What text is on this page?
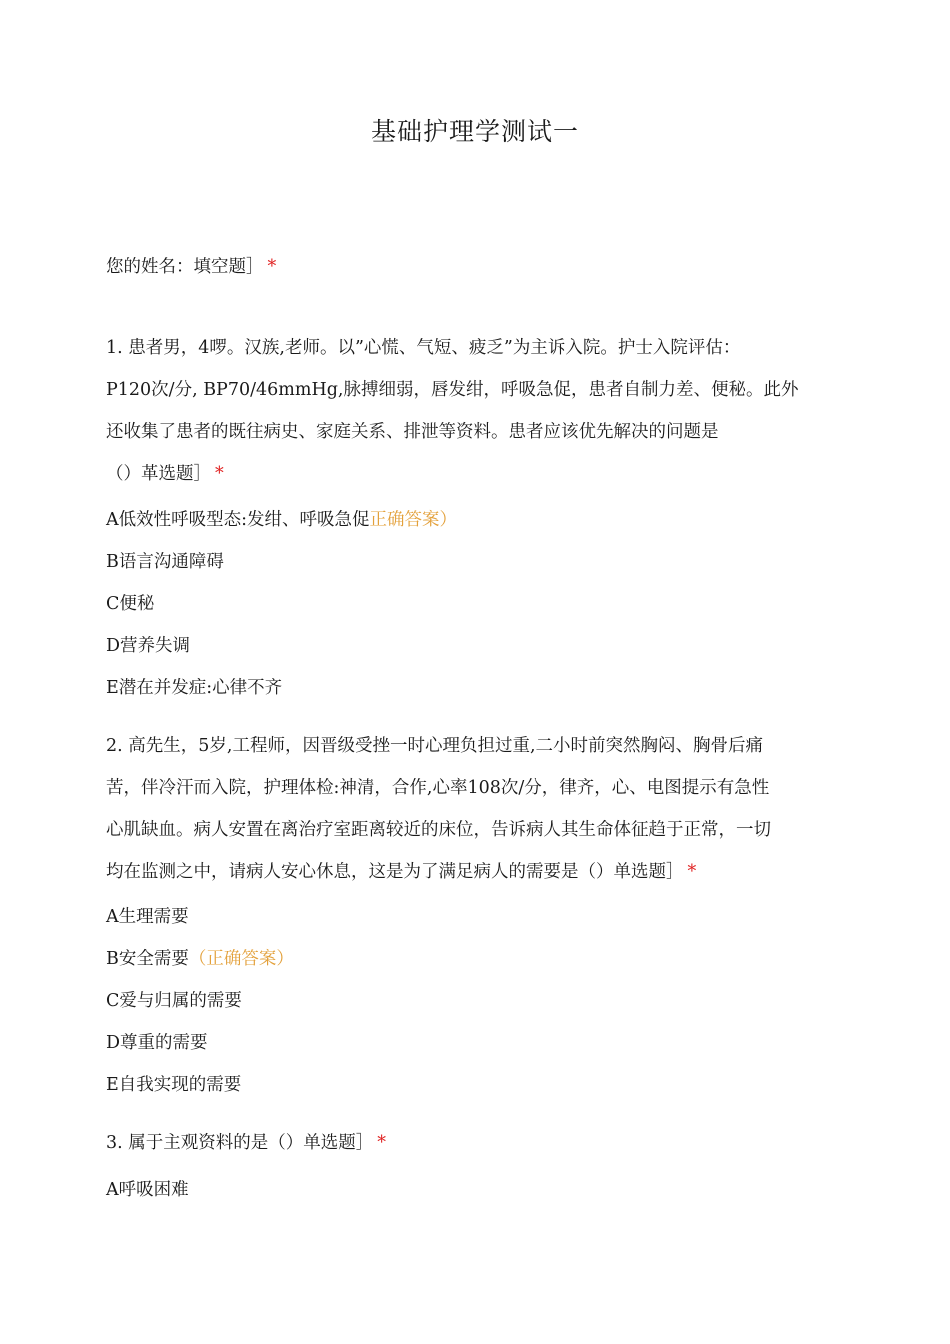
基础护理学测试一
您的姓名：填空题］ *
1. 患者男，4啰。汉族,老师。以”心慌、气短、疲乏”为主诉入院。护士入院评估：
P120次/分, BP70/46mmHg,脉搏细弱，唇发绀，呼吸急促，患者自制力差、便秘。此外
还收集了患者的既往病史、家庭关系、排泄等资料。患者应该优先解决的问题是
（）革选题］ *
A低效性呼吸型态:发绀、呼吸急促正确答案）
B语言沟通障碍
C便秘
D营养失调
E潜在并发症:心律不齐
2. 高先生，5岁,工程师，因晋级受挫一时心理负担过重,二小时前突然胸闷、胸骨后痛
苦，伴冷汗而入院，护理体检:神清，合作,心率108次/分，律齐，心、电图提示有急性
心肌缺血。病人安置在离治疗室距离较近的床位，告诉病人其生命体征趋于正常，一切
均在监测之中，请病人安心休息，这是为了满足病人的需要是（）单选题］ *
A生理需要
B安全需要（正确答案）
C爱与归属的需要
D尊重的需要
E自我实现的需要
3. 属于主观资料的是（）单选题］ *
A呼吸困难
